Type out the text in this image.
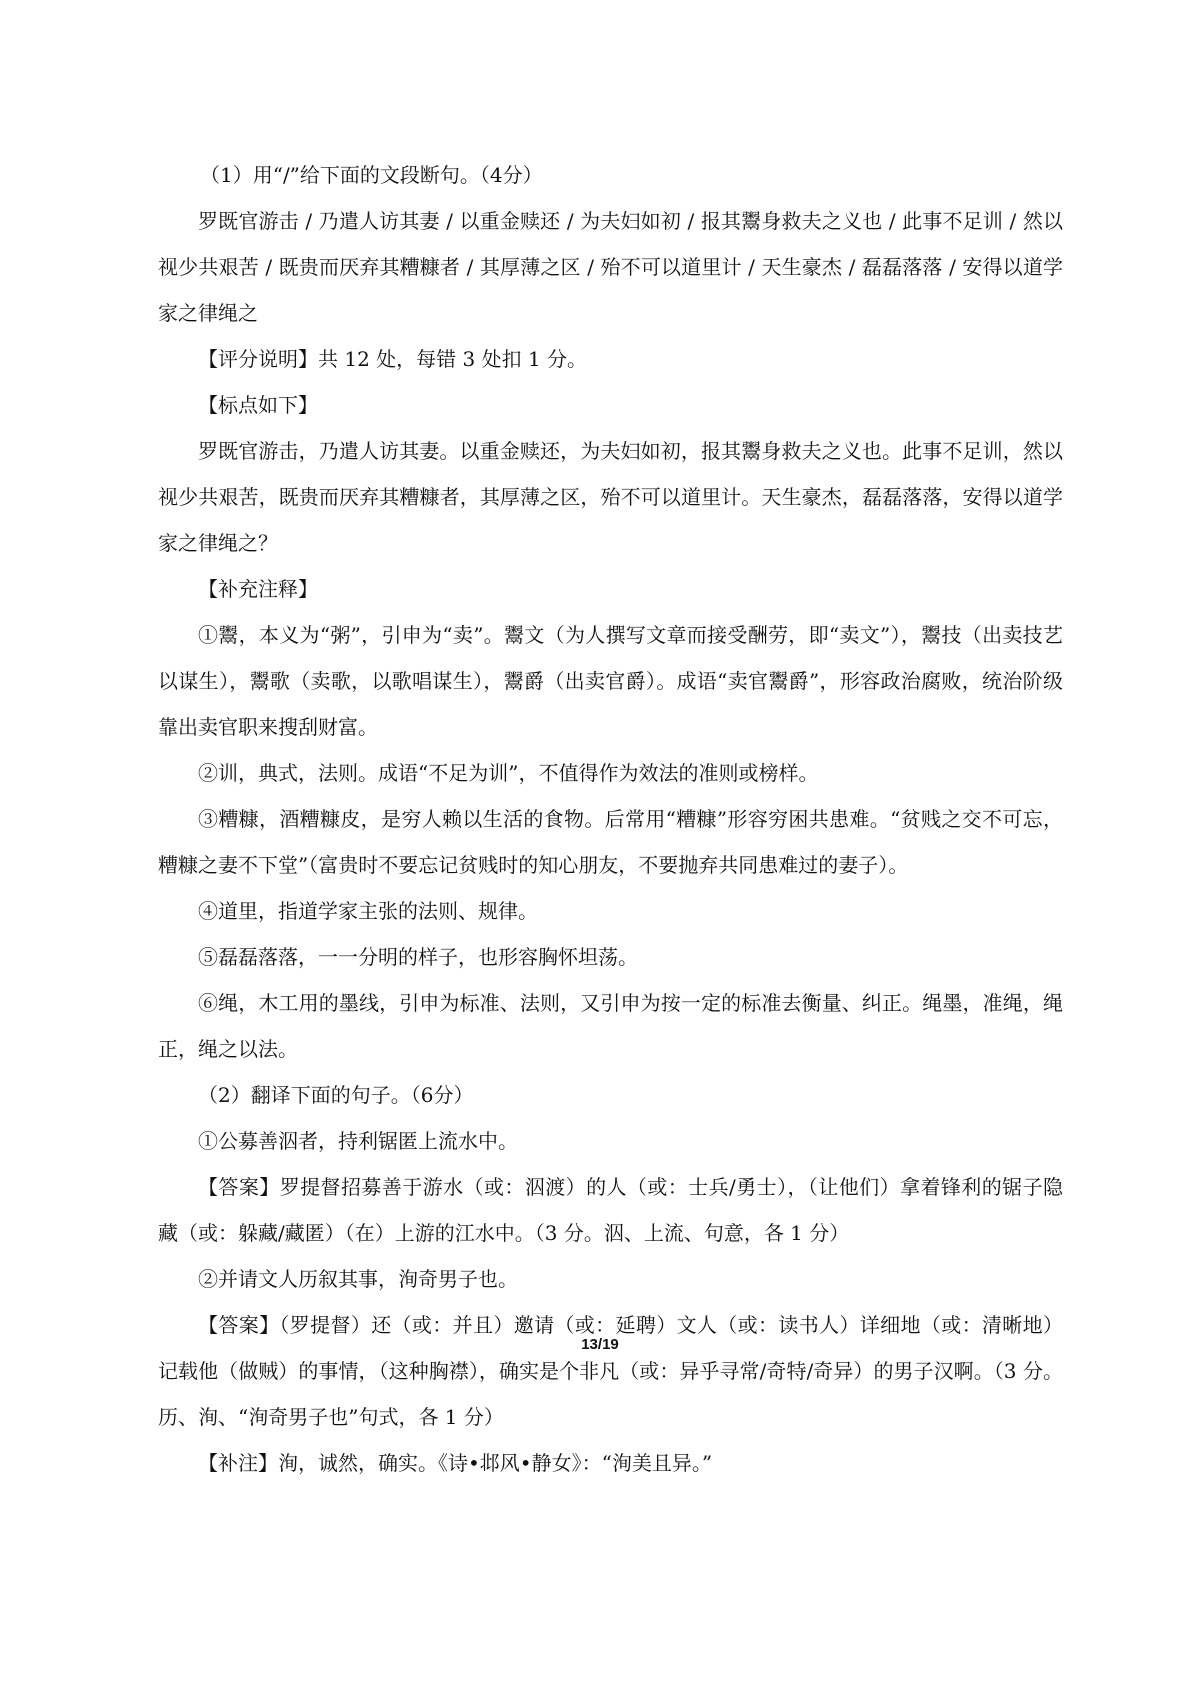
（1）用“/”给下面的文段断句。（4分）

罗既官游击 / 乃遣人访其妻 / 以重金赎还 / 为夫妇如初 / 报其鬻身救夫之义也 / 此事不足训 / 然以视少共艰苦 / 既贵而厌弃其糟糠者 / 其厚薄之区 / 殆不可以道里计 / 天生豪杰 / 磊磊落落 / 安得以道学家之律绳之

【评分说明】共 12 处，每错 3 处扣 1 分。

【标点如下】

罗既官游击，乃遣人访其妻。以重金赎还，为夫妇如初，报其鬻身救夫之义也。此事不足训，然以视少共艰苦，既贵而厌弃其糟糠者，其厚薄之区，殆不可以道里计。天生豪杰，磊磊落落，安得以道学家之律绳之？

【补充注释】

①鬻，本义为“粥”，引申为“卖”。鬻文（为人撰写文章而接受酬劳，即“卖文”），鬻技（出卖技艺以谋生），鬻歌（卖歌，以歌唱谋生），鬻爵（出卖官爵）。成语“卖官鬻爵”，形容政治腐败，统治阶级靠出卖官职来搜刮财富。

②训，典式，法则。成语“不足为训”，不值得作为效法的准则或榜样。

③糟糠，酒糟糠皮，是穷人赖以生活的食物。后常用“糟糠”形容穷困共患难。“贫贱之交不可忘，糟糠之妻不下堂”（富贵时不要忘记贫贱时的知心朋友，不要抛弃共同患难过的妻子）。

④道里，指道学家主张的法则、规律。

⑤磊磊落落，一一分明的样子，也形容胸怀坦荡。

⑥绳，木工用的墨线，引申为标准、法则，又引申为按一定的标准去衡量、纠正。绳墨，准绳，绳正，绳之以法。

（2）翻译下面的句子。（6分）

①公募善泅者，持利锯匿上流水中。

【答案】罗提督招募善于游水（或：泅渡）的人（或：士兵/勇士），（让他们）拿着锋利的锯子隐藏（或：躲藏/藏匿）（在）上游的江水中。（3 分。泅、上流、句意，各 1 分）

②并请文人历叙其事，洵奇男子也。

【答案】（罗提督）还（或：并且）邀请（或：延聘）文人（或：读书人）详细地（或：清晰地）记载他（做贼）的事情，（这种胸襟），确实是个非凡（或：异乎寻常/奇特/奇异）的男子汉啊。（3 分。历、洵、“洵奇男子也”句式，各 1 分）

【补注】洵，诚然，确实。《诗•邶风•静女》：“洵美且异。”

13/19
